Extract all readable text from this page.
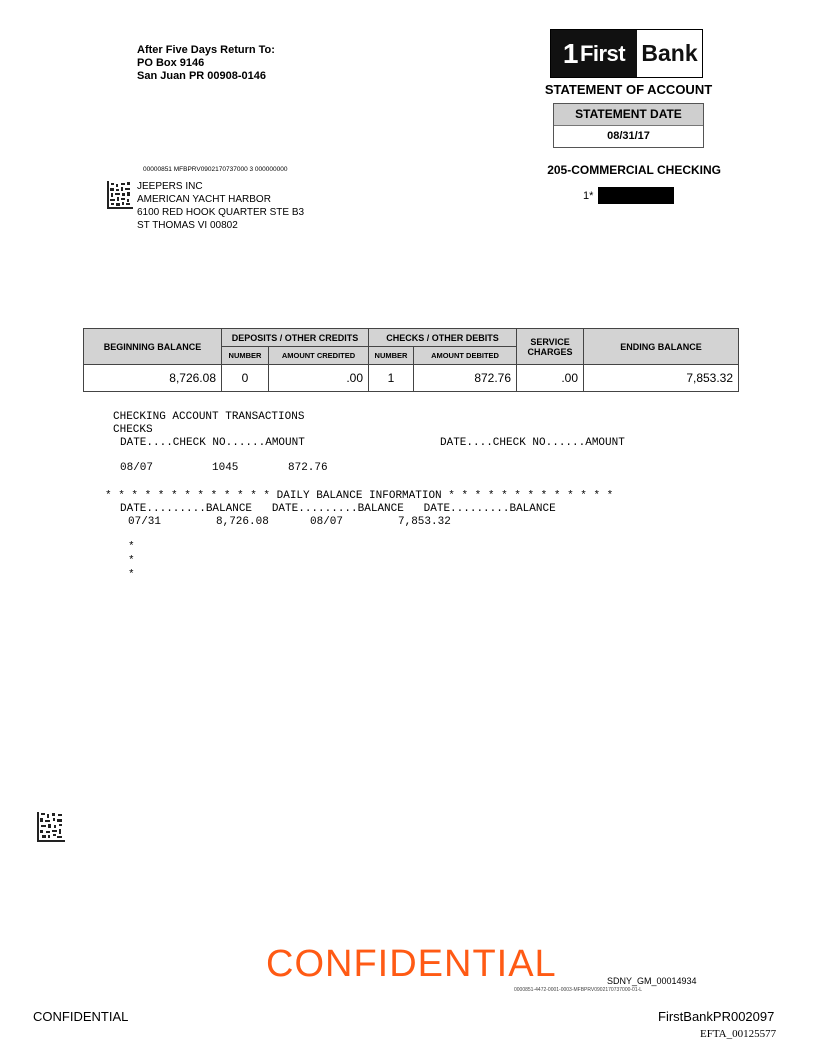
After Five Days Return To:
PO Box 9146
San Juan PR 00908-0146
1 First Bank
STATEMENT OF ACCOUNT
STATEMENT DATE
08/31/17
205-COMMERCIAL CHECKING
1*
00000851 MFBPRV0902170737000 3 000000000
JEEPERS INC
AMERICAN YACHT HARBOR
6100 RED HOOK QUARTER STE B3
ST THOMAS VI 00802
BEGINNING BALANCE	DEPOSITS / OTHER CREDITS		CHECKS / OTHER DEBITS		SERVICE
CHARGES	ENDING BALANCE
	NUMBER	AMOUNT CREDITED	NUMBER	AMOUNT DEBITED		
8,726.08	0	.00	1	872.76	.00	7,853.32
CHECKING ACCOUNT TRANSACTIONS
CHECKS
DATE....CHECK NO......AMOUNT	DATE....CHECK NO......AMOUNT
08/07	1045	872.76
* * * * * * * * * * * * * DAILY BALANCE INFORMATION * * * * * * * * * * * * *
DATE.........BALANCE   DATE.........BALANCE   DATE.........BALANCE
07/31	8,726.08	08/07	7,853.32
*
*
*
CONFIDENTIAL	SDNY_GM_00014934
0000851-4472-0001-0003-MFBPRV0902170737000-01-L
CONFIDENTIAL	FirstBankPR002097
EFTA_00125577
